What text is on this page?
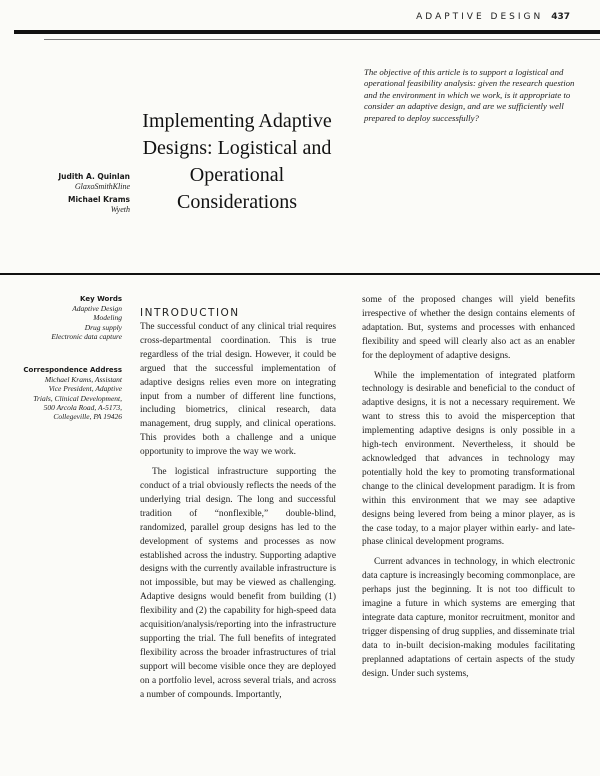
ADAPTIVE DESIGN 437
Implementing Adaptive Designs: Logistical and Operational Considerations
Judith A. Quinlan
GlaxoSmithKline
Michael Krams
Wyeth
The objective of this article is to support a logistical and operational feasibility analysis: given the research question and the environment in which we work, is it appropriate to consider an adaptive design, and are we sufficiently well prepared to deploy successfully?
Key Words
Adaptive Design
Modeling
Drug supply
Electronic data capture
Correspondence Address
Michael Krams, Assistant
Vice President, Adaptive
Trials, Clinical Development,
500 Arcola Road, A-5173,
Collegeville, PA 19426
INTRODUCTION

The successful conduct of any clinical trial requires cross-departmental coordination. This is true regardless of the trial design. However, it could be argued that the successful implementation of adaptive designs relies even more on integrating input from a number of different line functions, including biometrics, clinical research, data management, drug supply, and clinical operations. This provides both a challenge and a unique opportunity to improve the way we work.

The logistical infrastructure supporting the conduct of a trial obviously reflects the needs of the underlying trial design. The long and successful tradition of “nonflexible,” double-blind, randomized, parallel group designs has led to the development of systems and processes as now established across the industry. Supporting adaptive designs with the currently available infrastructure is not impossible, but may be viewed as challenging. Adaptive designs would benefit from building (1) flexibility and (2) the capability for high-speed data acquisition/analysis/reporting into the infrastructure supporting the trial. The full benefits of integrated flexibility across the broader infrastructures of trial support will become visible once they are deployed on a portfolio level, across several trials, and across a number of compounds. Importantly,

some of the proposed changes will yield benefits irrespective of whether the design contains elements of adaptation. But, systems and processes with enhanced flexibility and speed will clearly also act as an enabler for the deployment of adaptive designs.

While the implementation of integrated platform technology is desirable and beneficial to the conduct of adaptive designs, it is not a necessary requirement. We want to stress this to avoid the misperception that implementing adaptive designs is only possible in a high-tech environment. Nevertheless, it should be acknowledged that advances in technology may potentially hold the key to promoting transformational change to the clinical development paradigm. It is from within this environment that we may see adaptive designs being levered from being a minor player, as is the case today, to a major player within early- and late-phase clinical development programs.

Current advances in technology, in which electronic data capture is increasingly becoming commonplace, are perhaps just the beginning. It is not too difficult to imagine a future in which systems are emerging that integrate data capture, monitor recruitment, monitor and trigger dispensing of drug supplies, and disseminate trial data to in-built decision-making modules facilitating preplanned adaptations of certain aspects of the study design. Under such systems,
